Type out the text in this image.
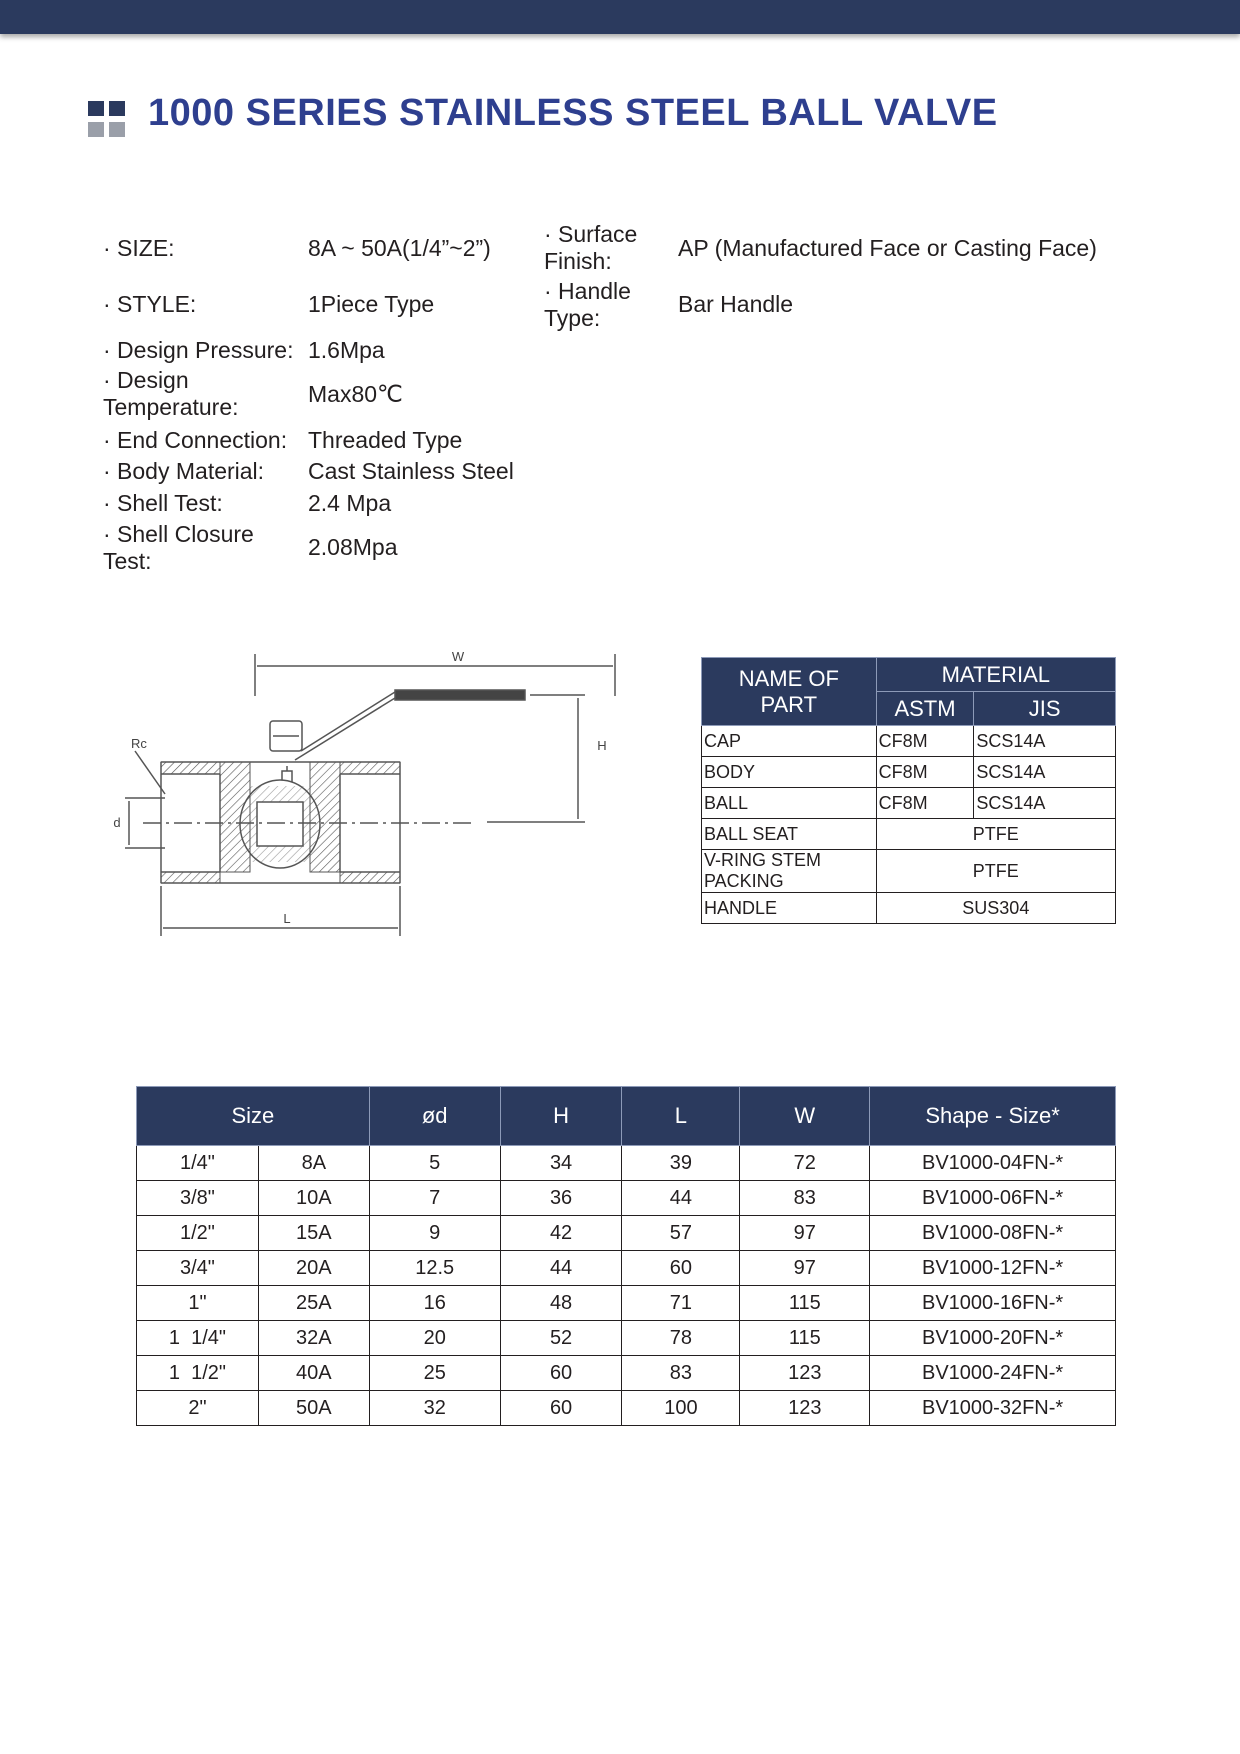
1000 SERIES STAINLESS STEEL BALL VALVE
· SIZE:	8A ~ 50A(1/4”~2”)
· STYLE:	1Piece Type
· Design Pressure: 1.6Mpa
· Design Temperature:	Max80℃
· End Connection: Threaded Type
· Body Material:	Cast Stainless Steel
· Shell Test:	2.4 Mpa
· Shell Closure Test:
2.08Mpa
· Surface Finish:	AP (Manufactured Face or Casting Face)
· Handle Type:
Bar Handle
W
H
Rc
d
L
NAME OF PART	MATERIAL	
	ASTM	JIS
CAP	CF8M	SCS14A
BODY	CF8M	SCS14A
BALL	CF8M	SCS14A
BALL SEAT	PTFE	
V-RING STEM PACKING	PTFE	
HANDLE	SUS304	
Size		ød	H	L	W	Shape - Size*
1/4"	8A	5	34	39	72	BV1000-04FN-*
3/8"	10A	7	36	44	83	BV1000-06FN-*
1/2"	15A	9	42	57	97	BV1000-08FN-*
3/4"	20A	12.5	44	60	97	BV1000-12FN-*
1"	25A	16	48	71	115	BV1000-16FN-*
1  1/4"	32A	20	52	78	115	BV1000-20FN-*
1  1/2"	40A	25	60	83	123	BV1000-24FN-*
2"	50A	32	60	100	123	BV1000-32FN-*
